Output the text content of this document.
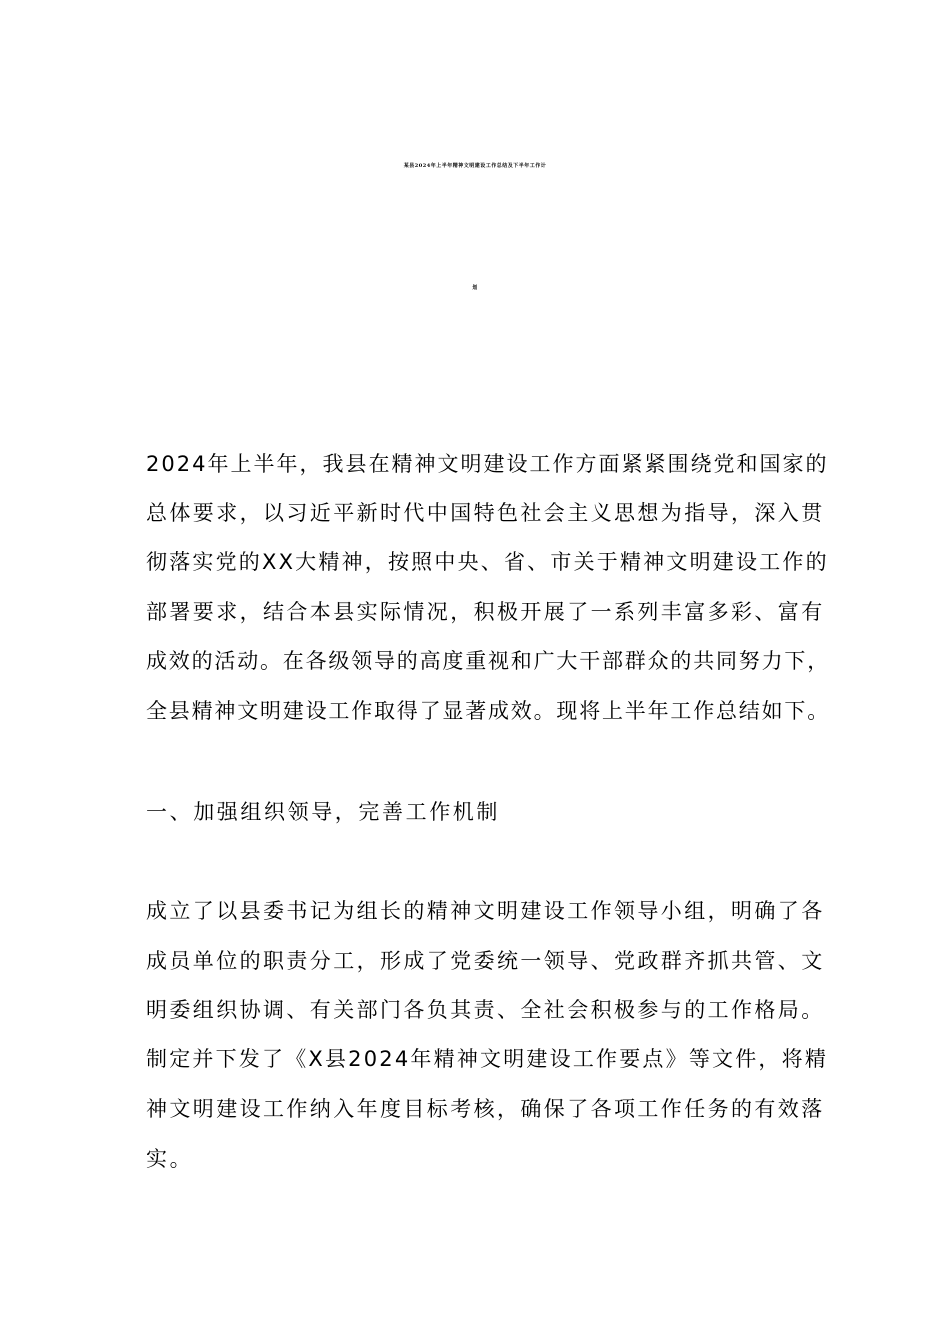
某县2024年上半年精神文明建设工作总结及下半年工作计
划
2024年上半年，我县在精神文明建设工作方面紧紧围绕党和国家的
总体要求，以习近平新时代中国特色社会主义思想为指导，深入贯
彻落实党的XX大精神，按照中央、省、市关于精神文明建设工作的
部署要求，结合本县实际情况，积极开展了一系列丰富多彩、富有
成效的活动。在各级领导的高度重视和广大干部群众的共同努力下，
全县精神文明建设工作取得了显著成效。现将上半年工作总结如下。
一、加强组织领导，完善工作机制
成立了以县委书记为组长的精神文明建设工作领导小组，明确了各
成员单位的职责分工，形成了党委统一领导、党政群齐抓共管、文
明委组织协调、有关部门各负其责、全社会积极参与的工作格局。
制定并下发了《X县2024年精神文明建设工作要点》等文件，将精
神文明建设工作纳入年度目标考核，确保了各项工作任务的有效落
实。
